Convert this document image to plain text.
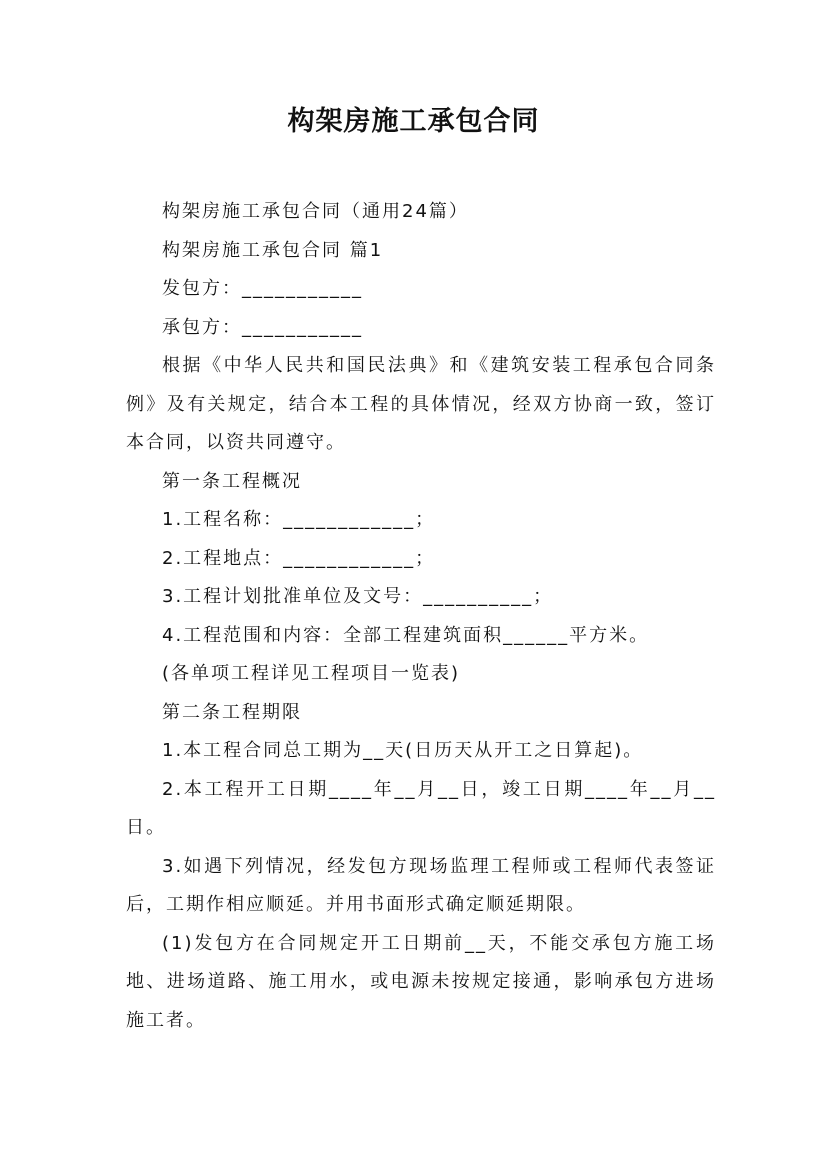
构架房施工承包合同

构架房施工承包合同（通用24篇）

构架房施工承包合同 篇1

发包方：___________

承包方：___________

根据《中华人民共和国民法典》和《建筑安装工程承包合同条例》及有关规定，结合本工程的具体情况，经双方协商一致，签订本合同，以资共同遵守。

第一条工程概况

1.工程名称：____________；

2.工程地点：____________；

3.工程计划批准单位及文号：__________；

4.工程范围和内容：全部工程建筑面积______平方米。

(各单项工程详见工程项目一览表)

第二条工程期限

1.本工程合同总工期为__天(日历天从开工之日算起)。

2.本工程开工日期____年__月__日，竣工日期____年__月__日。

3.如遇下列情况，经发包方现场监理工程师或工程师代表签证后，工期作相应顺延。并用书面形式确定顺延期限。

(1)发包方在合同规定开工日期前__天，不能交承包方施工场地、进场道路、施工用水，或电源未按规定接通，影响承包方进场施工者。
